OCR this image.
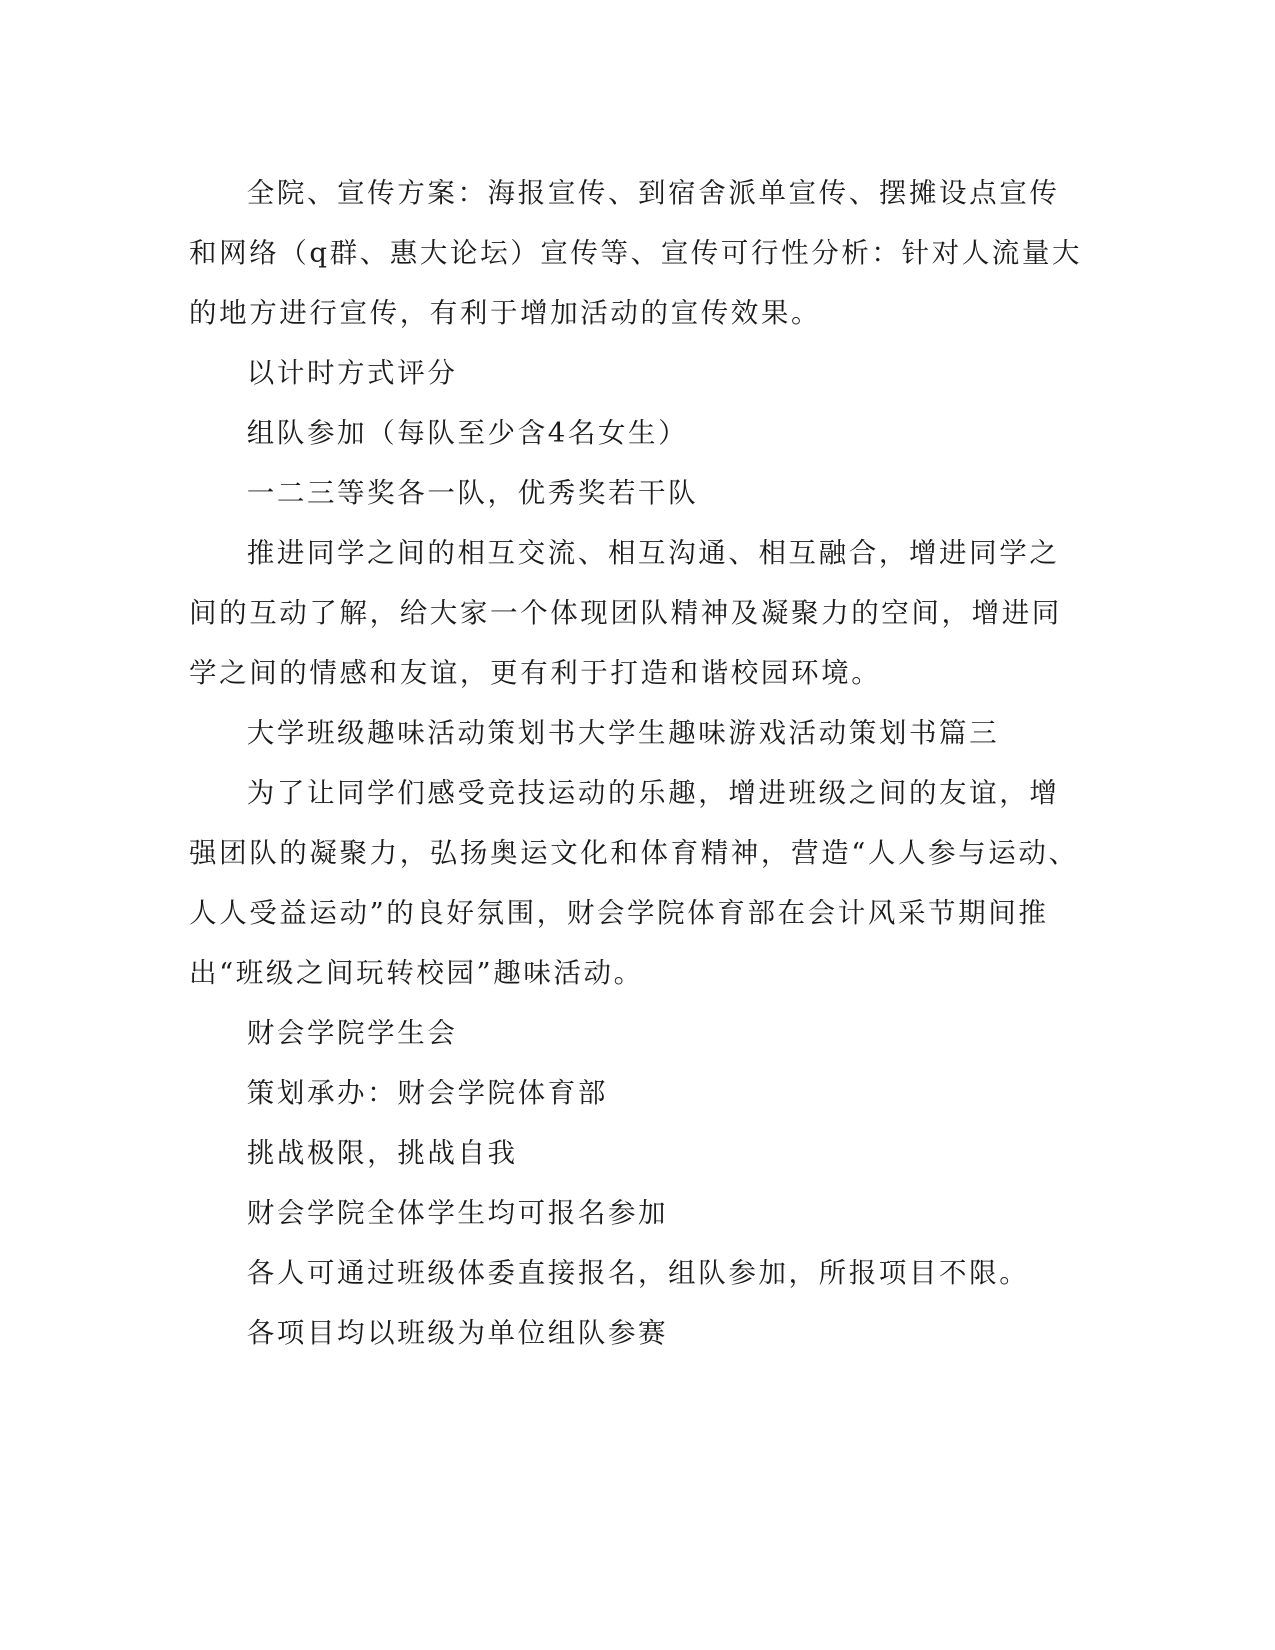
全院、宣传方案：海报宣传、到宿舍派单宣传、摆摊设点宣传和网络（q群、惠大论坛）宣传等、宣传可行性分析：针对人流量大的地方进行宣传，有利于增加活动的宣传效果。

以计时方式评分

组队参加（每队至少含4名女生）

一二三等奖各一队，优秀奖若干队

推进同学之间的相互交流、相互沟通、相互融合，增进同学之间的互动了解，给大家一个体现团队精神及凝聚力的空间，增进同学之间的情感和友谊，更有利于打造和谐校园环境。

大学班级趣味活动策划书大学生趣味游戏活动策划书篇三

为了让同学们感受竞技运动的乐趣，增进班级之间的友谊，增强团队的凝聚力，弘扬奥运文化和体育精神，营造“人人参与运动、人人受益运动”的良好氛围，财会学院体育部在会计风采节期间推出“班级之间玩转校园”趣味活动。

财会学院学生会

策划承办：财会学院体育部

挑战极限，挑战自我

财会学院全体学生均可报名参加

各人可通过班级体委直接报名，组队参加，所报项目不限。

各项目均以班级为单位组队参赛
